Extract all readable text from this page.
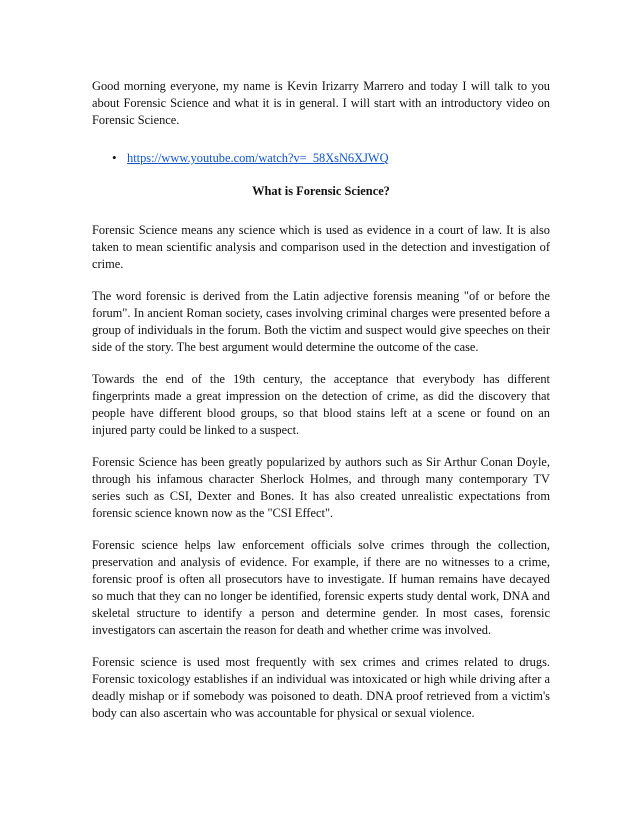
Good morning everyone, my name is Kevin Irizarry Marrero and today I will talk to you about Forensic Science and what it is in general. I will start with an introductory video on Forensic Science.

• https://www.youtube.com/watch?v=_58XsN6XJWQ

What is Forensic Science?

Forensic Science means any science which is used as evidence in a court of law. It is also taken to mean scientific analysis and comparison used in the detection and investigation of crime.

The word forensic is derived from the Latin adjective forensis meaning "of or before the forum". In ancient Roman society, cases involving criminal charges were presented before a group of individuals in the forum. Both the victim and suspect would give speeches on their side of the story. The best argument would determine the outcome of the case.

Towards the end of the 19th century, the acceptance that everybody has different fingerprints made a great impression on the detection of crime, as did the discovery that people have different blood groups, so that blood stains left at a scene or found on an injured party could be linked to a suspect.

Forensic Science has been greatly popularized by authors such as Sir Arthur Conan Doyle, through his infamous character Sherlock Holmes, and through many contemporary TV series such as CSI, Dexter and Bones. It has also created unrealistic expectations from forensic science known now as the "CSI Effect".

Forensic science helps law enforcement officials solve crimes through the collection, preservation and analysis of evidence. For example, if there are no witnesses to a crime, forensic proof is often all prosecutors have to investigate. If human remains have decayed so much that they can no longer be identified, forensic experts study dental work, DNA and skeletal structure to identify a person and determine gender. In most cases, forensic investigators can ascertain the reason for death and whether crime was involved.

Forensic science is used most frequently with sex crimes and crimes related to drugs. Forensic toxicology establishes if an individual was intoxicated or high while driving after a deadly mishap or if somebody was poisoned to death. DNA proof retrieved from a victim's body can also ascertain who was accountable for physical or sexual violence.
